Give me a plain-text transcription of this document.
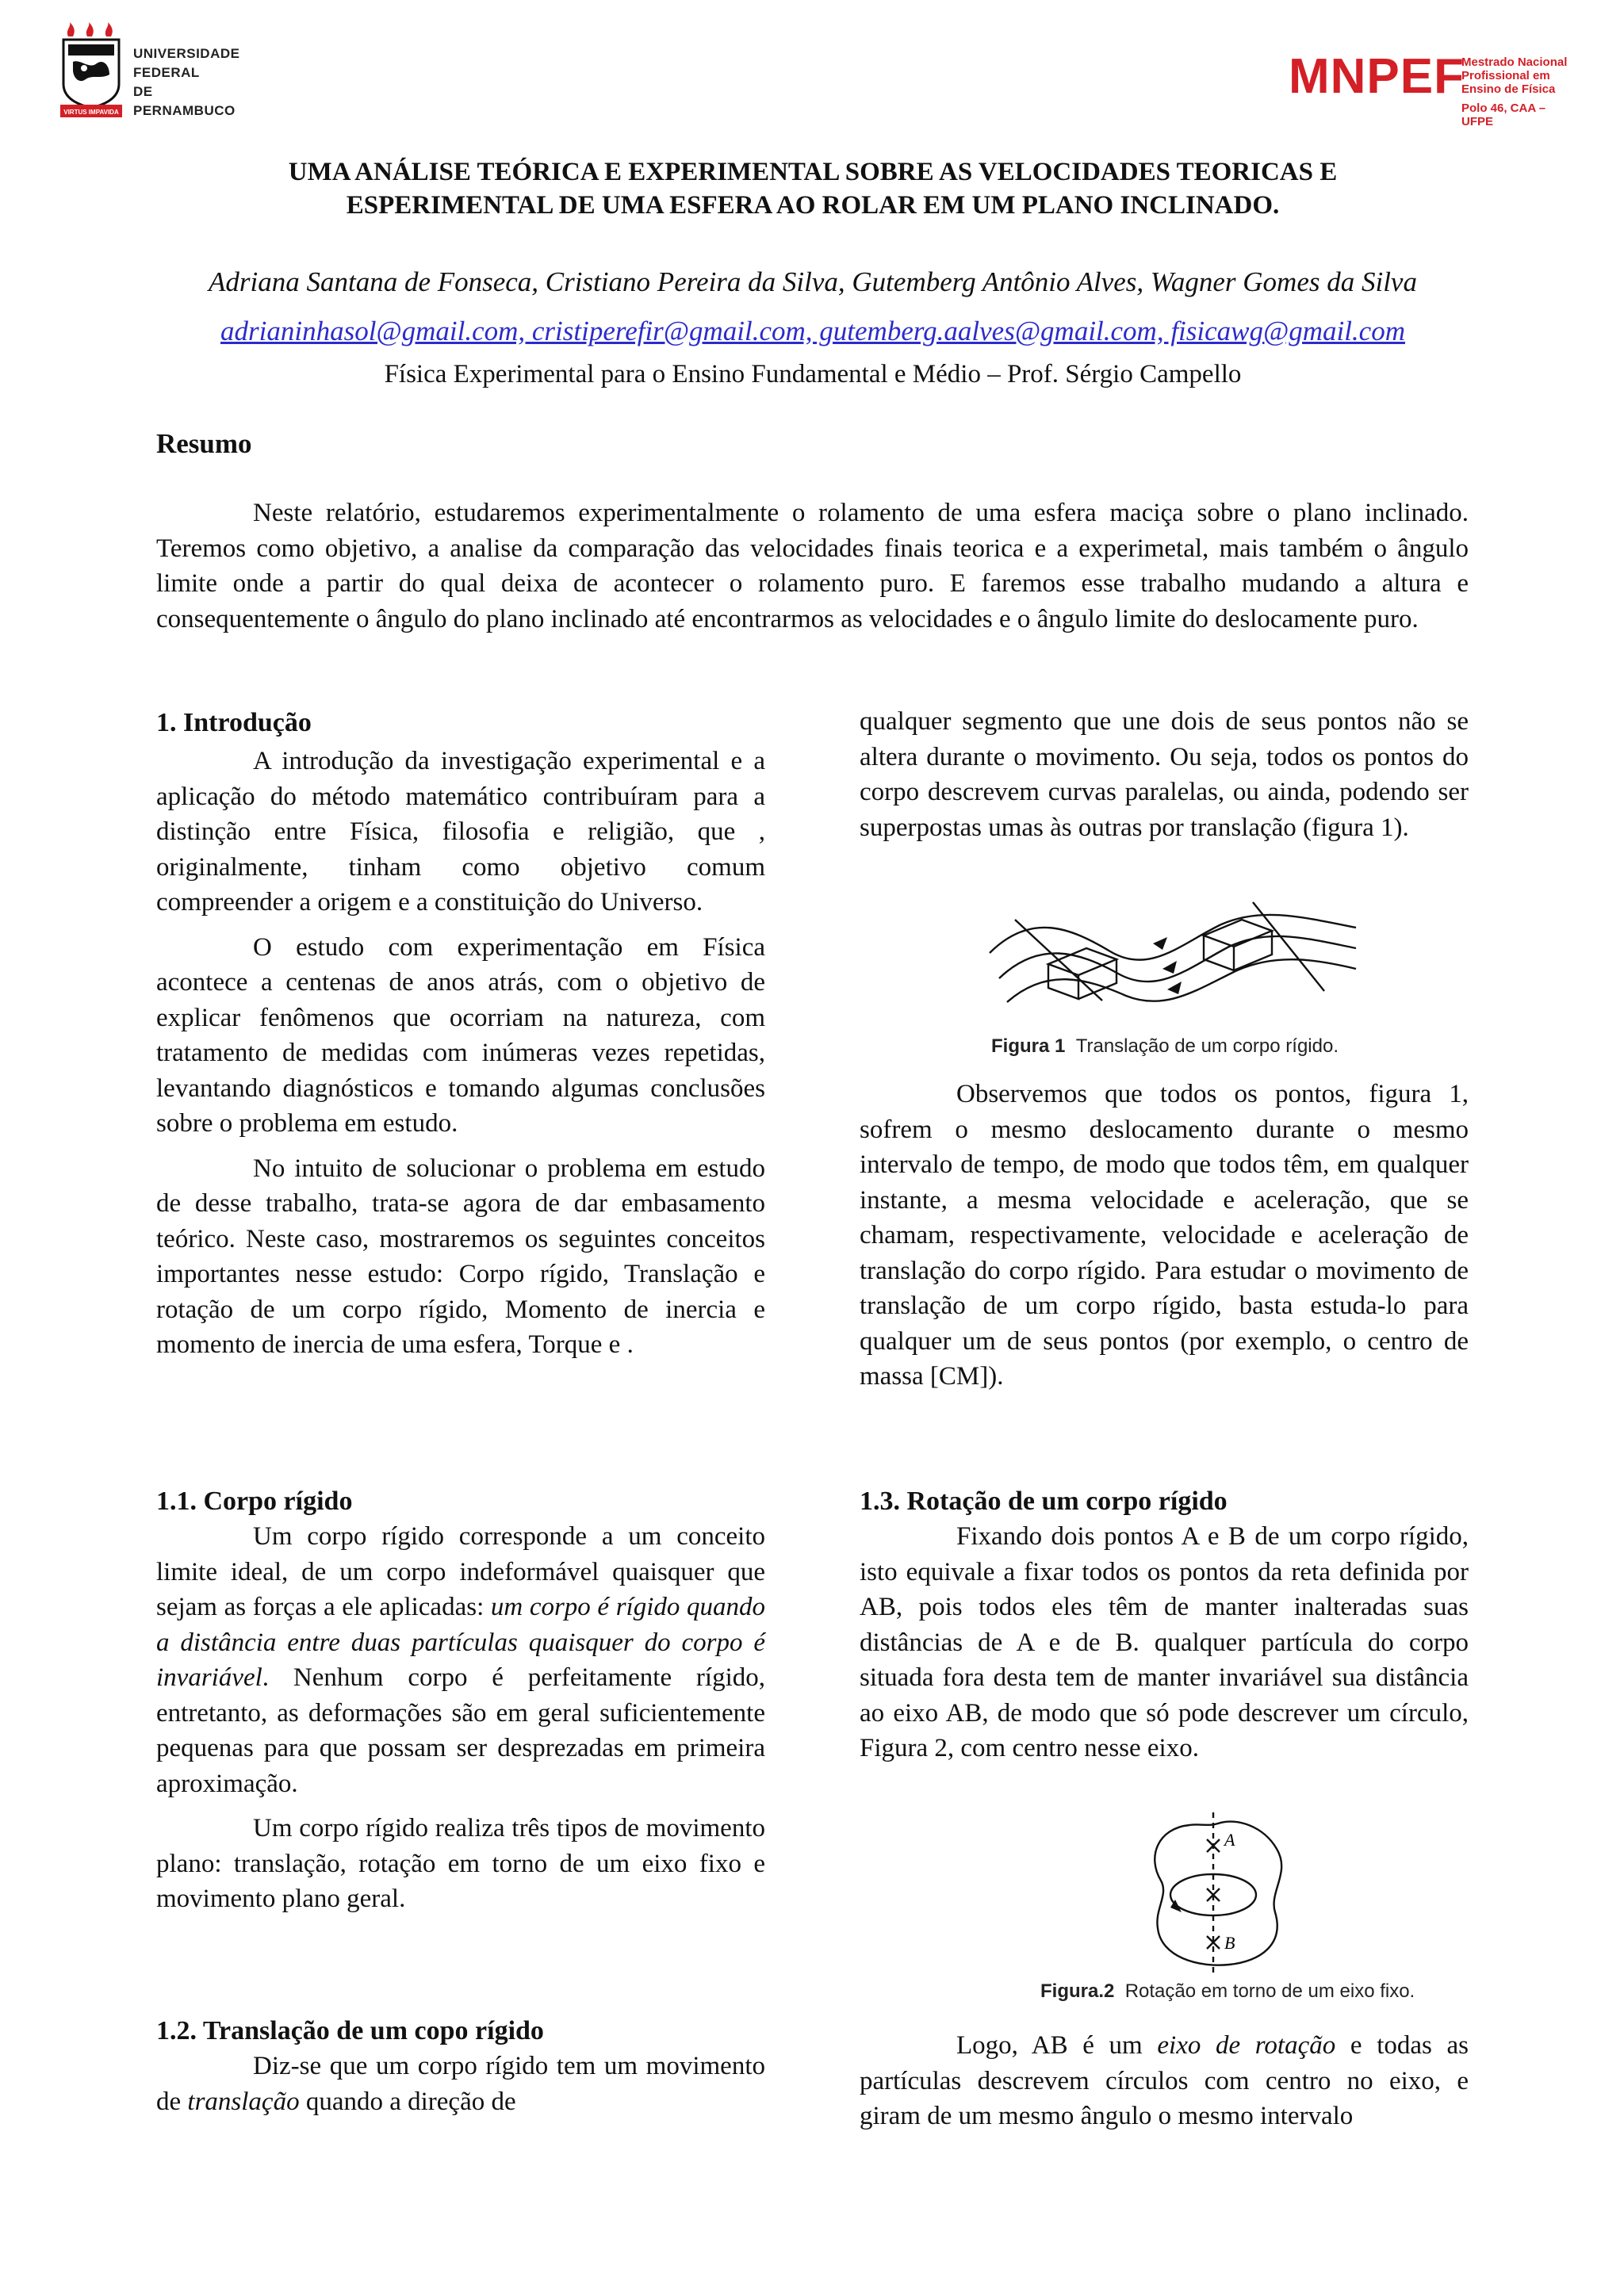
VIRTUS IMPAVIDA
UNIVERSIDADE
FEDERAL
DE PERNAMBUCO
MNPEF
Mestrado Nacional
Profissional em
Ensino de Física
Polo 46, CAA – UFPE
UMA ANÁLISE TEÓRICA E EXPERIMENTAL SOBRE AS VELOCIDADES TEORICAS E
ESPERIMENTAL DE UMA ESFERA AO ROLAR EM UM PLANO INCLINADO.
Adriana Santana de Fonseca, Cristiano Pereira da Silva, Gutemberg Antônio Alves, Wagner Gomes da Silva
adrianinhasol@gmail.com, cristiperefir@gmail.com, gutemberg.aalves@gmail.com, fisicawg@gmail.com
Física Experimental para o Ensino Fundamental e Médio – Prof. Sérgio Campello
Resumo

Neste relatório, estudaremos experimentalmente o rolamento de uma esfera maciça sobre o plano inclinado. Teremos como objetivo, a analise da comparação das velocidades finais teorica e a experimetal, mais também o ângulo limite onde a partir do qual deixa de acontecer o rolamento puro. E faremos esse trabalho mudando a altura e consequentemente o ângulo do plano inclinado até encontrarmos as velocidades e o ângulo limite do deslocamente puro.

1. Introdução

A introdução da investigação experimental e a aplicação do método matemático contribuíram para a distinção entre Física, filosofia e religião, que , originalmente, tinham como objetivo comum compreender a origem e a constituição do Universo.

O estudo com experimentação em Física acontece a centenas de anos atrás, com o objetivo de explicar fenômenos que ocorriam na natureza, com tratamento de medidas com inúmeras vezes repetidas, levantando diagnósticos e tomando algumas conclusões sobre o problema em estudo.

No intuito de solucionar o problema em estudo de desse trabalho, trata-se agora de dar embasamento teórico. Neste caso, mostraremos os seguintes conceitos importantes nesse estudo: Corpo rígido, Translação e rotação de um corpo rígido, Momento de inercia e momento de inercia de uma esfera, Torque e .

1.1. Corpo rígido

Um corpo rígido corresponde a um conceito limite ideal, de um corpo indeformável quaisquer que sejam as forças a ele aplicadas: um corpo é rígido quando a distância entre duas partículas quaisquer do corpo é invariável. Nenhum corpo é perfeitamente rígido, entretanto, as deformações são em geral suficientemente pequenas para que possam ser desprezadas em primeira aproximação.

Um corpo rígido realiza três tipos de movimento plano: translação, rotação em torno de um eixo fixo e movimento plano geral.

1.2. Translação de um copo rígido

Diz-se que um corpo rígido tem um movimento de translação quando a direção de

qualquer segmento que une dois de seus pontos não se altera durante o movimento. Ou seja, todos os pontos do corpo descrevem curvas paralelas, ou ainda, podendo ser superpostas umas às outras por translação (figura 1).

Figura 1 Translação de um corpo rígido.

Observemos que todos os pontos, figura 1, sofrem o mesmo deslocamento durante o mesmo intervalo de tempo, de modo que todos têm, em qualquer instante, a mesma velocidade e aceleração, que se chamam, respectivamente, velocidade e aceleração de translação do corpo rígido. Para estudar o movimento de translação de um corpo rígido, basta estuda-lo para qualquer um de seus pontos (por exemplo, o centro de massa [CM]).

1.3. Rotação de um corpo rígido

Fixando dois pontos A e B de um corpo rígido, isto equivale a fixar todos os pontos da reta definida por AB, pois todos eles têm de manter inalteradas suas distâncias de A e de B. qualquer partícula do corpo situada fora desta tem de manter invariável sua distância ao eixo AB, de modo que só pode descrever um círculo, Figura 2, com centro nesse eixo.

A
B
Figura.2 Rotação em torno de um eixo fixo.

Logo, AB é um eixo de rotação e todas as partículas descrevem círculos com centro no eixo, e giram de um mesmo ângulo o mesmo intervalo
